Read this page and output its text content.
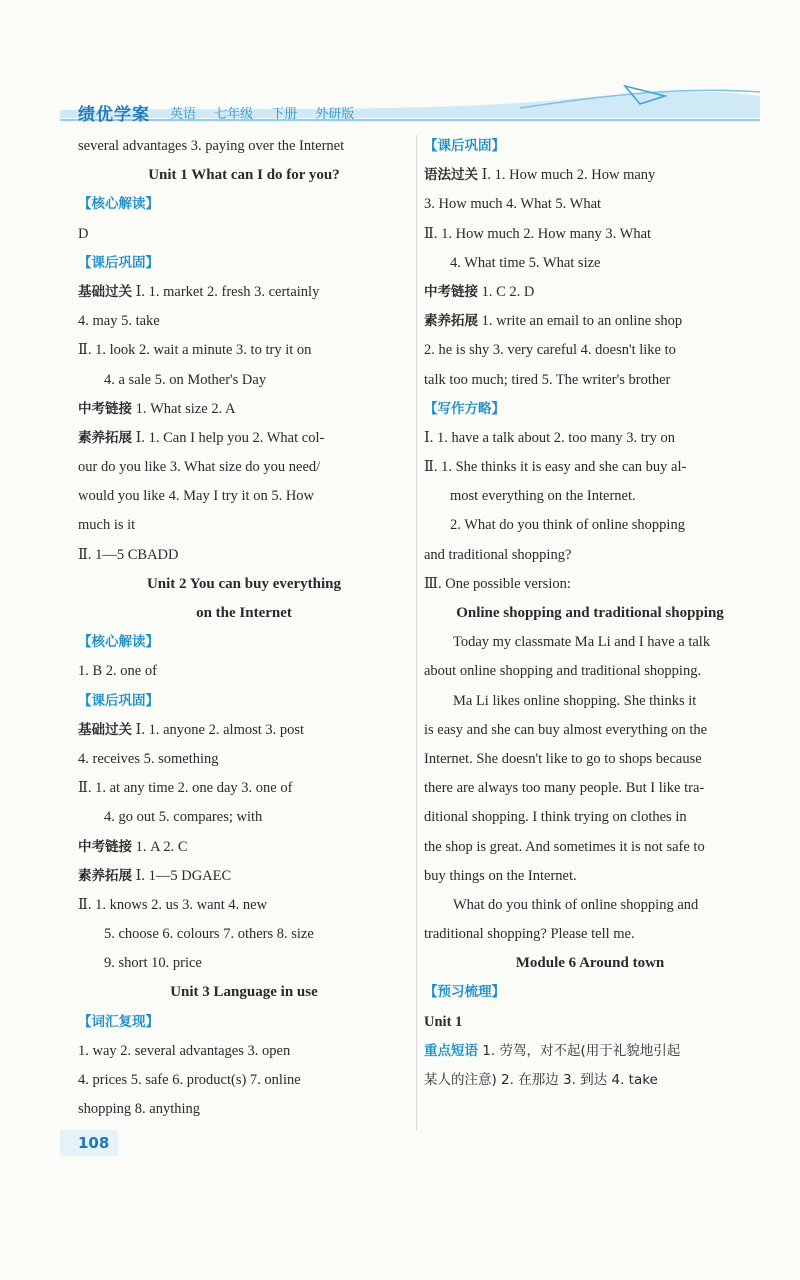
绩优学案 英语 七年级 下册 外研版
several advantages 3. paying over the Internet
Unit 1 What can I do for you?
【核心解读】
D
【课后巩固】
基础过关 Ⅰ. 1. market 2. fresh 3. certainly
4. may 5. take
Ⅱ. 1. look 2. wait a minute 3. to try it on
4. a sale 5. on Mother's Day
中考链接 1. What size 2. A
素养拓展 Ⅰ. 1. Can I help you 2. What col-
our do you like 3. What size do you need/
would you like 4. May I try it on 5. How
much is it
Ⅱ. 1—5 CBADD
Unit 2 You can buy everything
on the Internet
【核心解读】
1. B 2. one of
【课后巩固】
基础过关 Ⅰ. 1. anyone 2. almost 3. post
4. receives 5. something
Ⅱ. 1. at any time 2. one day 3. one of
4. go out 5. compares; with
中考链接 1. A 2. C
素养拓展 Ⅰ. 1—5 DGAEC
Ⅱ. 1. knows 2. us 3. want 4. new
5. choose 6. colours 7. others 8. size
9. short 10. price
Unit 3 Language in use
【词汇复现】
1. way 2. several advantages 3. open
4. prices 5. safe 6. product(s) 7. online
shopping 8. anything
【课后巩固】
语法过关 Ⅰ. 1. How much 2. How many
3. How much 4. What 5. What
Ⅱ. 1. How much 2. How many 3. What
4. What time 5. What size
中考链接 1. C 2. D
素养拓展 1. write an email to an online shop
2. he is shy 3. very careful 4. doesn't like to
talk too much; tired 5. The writer's brother
【写作方略】
Ⅰ. 1. have a talk about 2. too many 3. try on
Ⅱ. 1. She thinks it is easy and she can buy al-
most everything on the Internet.
2. What do you think of online shopping
and traditional shopping?
Ⅲ. One possible version:
Online shopping and traditional shopping
Today my classmate Ma Li and I have a talk
about online shopping and traditional shopping.
Ma Li likes online shopping. She thinks it
is easy and she can buy almost everything on the
Internet. She doesn't like to go to shops because
there are always too many people. But I like tra-
ditional shopping. I think trying on clothes in
the shop is great. And sometimes it is not safe to
buy things on the Internet.
What do you think of online shopping and
traditional shopping? Please tell me.
Module 6 Around town
【预习梳理】
Unit 1
重点短语 1. 劳驾，对不起(用于礼貌地引起
某人的注意) 2. 在那边 3. 到达 4. take
108
